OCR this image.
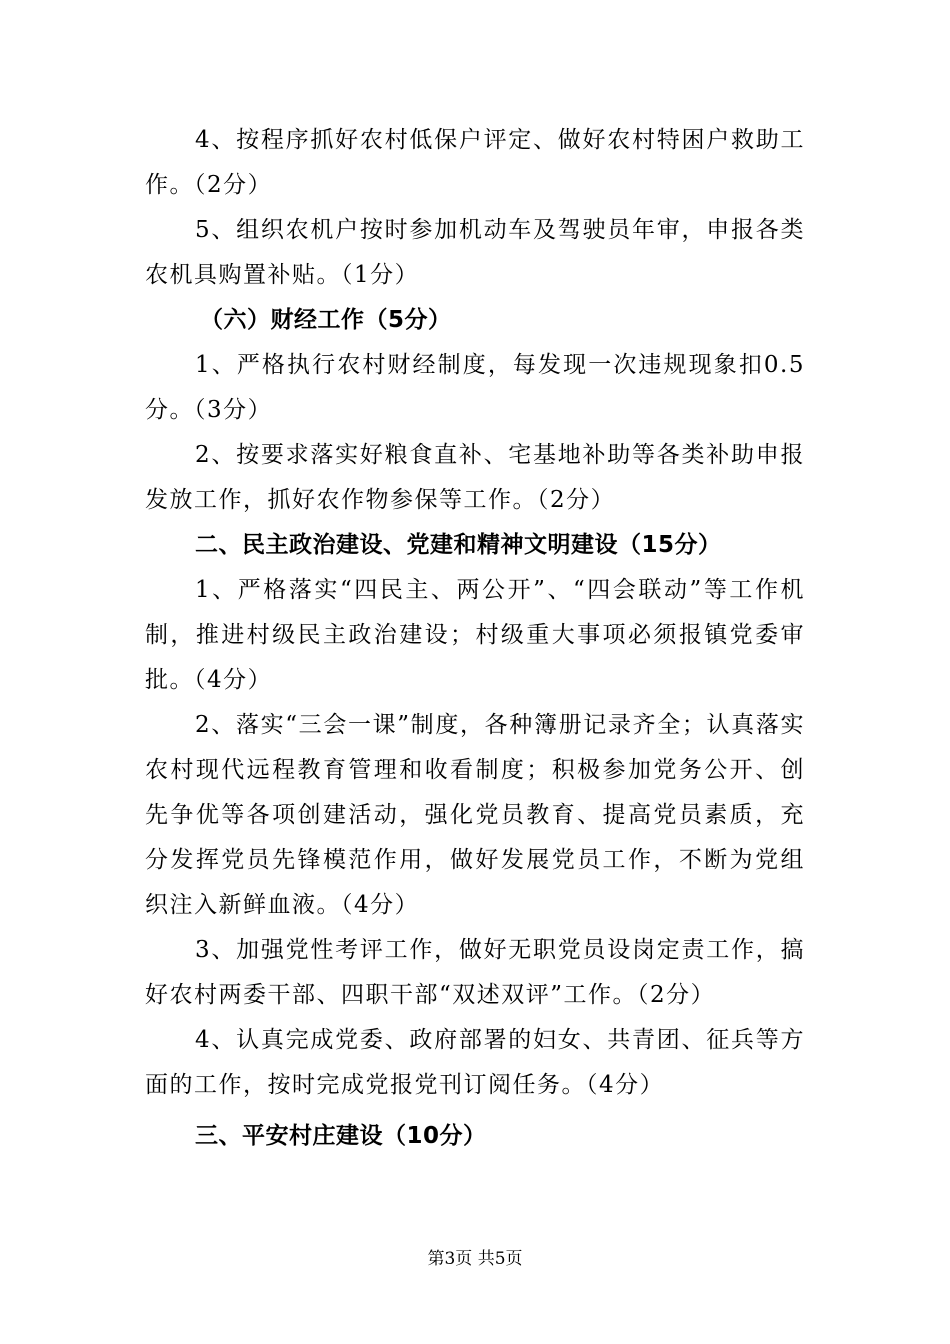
4、按程序抓好农村低保户评定、做好农村特困户救助工作。（2分）

5、组织农机户按时参加机动车及驾驶员年审，申报各类农机具购置补贴。（1分）

（六）财经工作（5分）

1、严格执行农村财经制度，每发现一次违规现象扣0.5分。（3分）

2、按要求落实好粮食直补、宅基地补助等各类补助申报发放工作，抓好农作物参保等工作。（2分）

二、民主政治建设、党建和精神文明建设（15分）

1、严格落实“四民主、两公开”、“四会联动”等工作机制，推进村级民主政治建设；村级重大事项必须报镇党委审批。（4分）

2、落实“三会一课”制度，各种簿册记录齐全；认真落实农村现代远程教育管理和收看制度；积极参加党务公开、创先争优等各项创建活动，强化党员教育、提高党员素质，充分发挥党员先锋模范作用，做好发展党员工作，不断为党组织注入新鲜血液。（4分）

3、加强党性考评工作，做好无职党员设岗定责工作，搞好农村两委干部、四职干部“双述双评”工作。（2分）

4、认真完成党委、政府部署的妇女、共青团、征兵等方面的工作，按时完成党报党刊订阅任务。（4分）

三、平安村庄建设（10分）

第3页 共5页
